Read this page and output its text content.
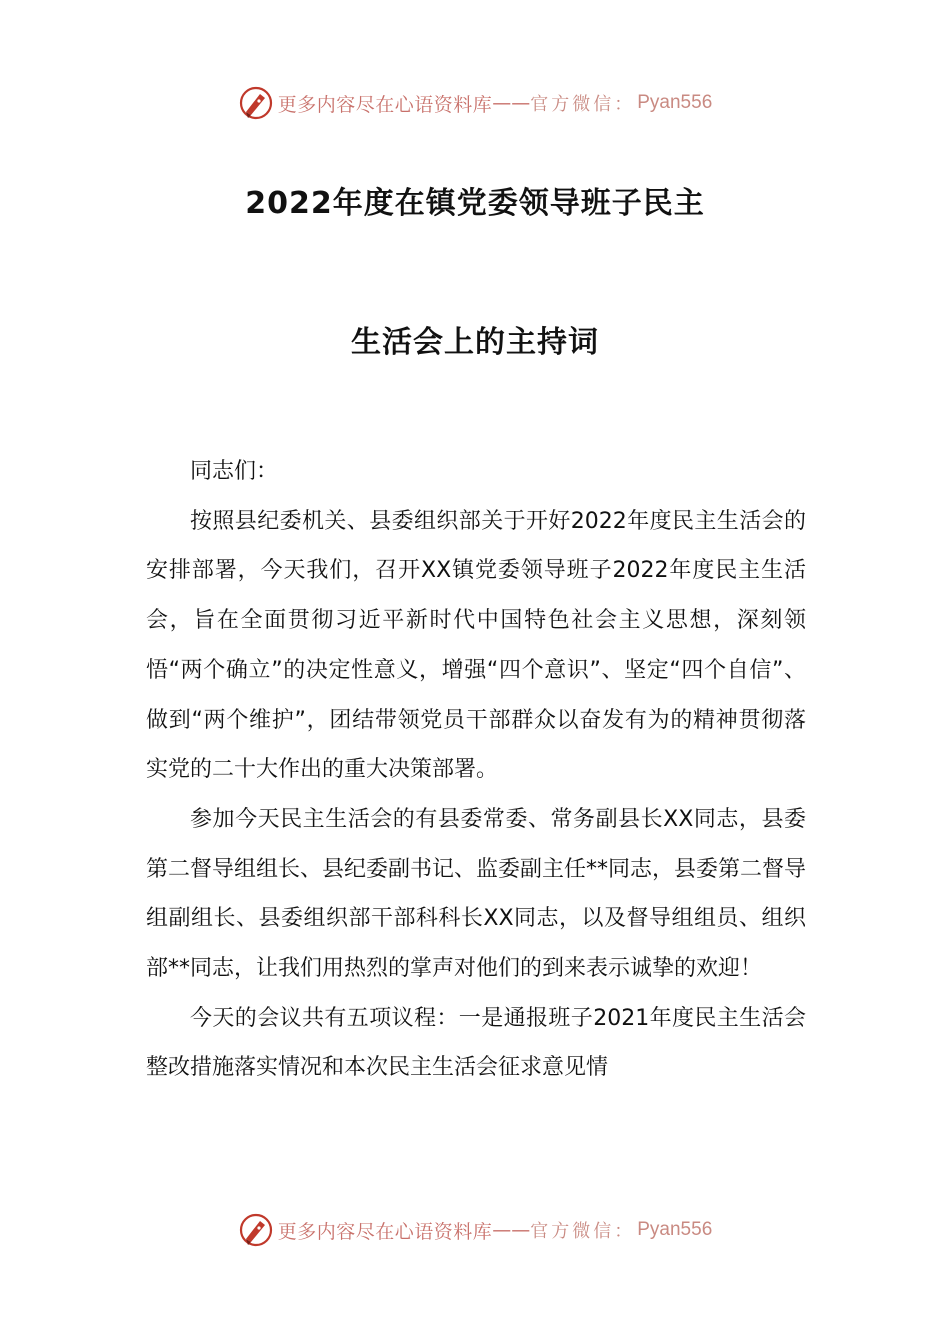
更多内容尽在心语资料库 —— 官方微信： Pyan556
2022年度在镇党委领导班子民主
生活会上的主持词

同志们：

按照县纪委机关、县委组织部关于开好2022年度民主生活会的安排部署，今天我们，召开XX镇党委领导班子2022年度民主生活会，旨在全面贯彻习近平新时代中国特色社会主义思想，深刻领悟“两个确立”的决定性意义，增强“四个意识”、坚定“四个自信”、做到“两个维护”，团结带领党员干部群众以奋发有为的精神贯彻落实党的二十大作出的重大决策部署。

参加今天民主生活会的有县委常委、常务副县长XX同志，县委第二督导组组长、县纪委副书记、监委副主任**同志，县委第二督导组副组长、县委组织部干部科科长XX同志，以及督导组组员、组织部**同志，让我们用热烈的掌声对他们的到来表示诚挚的欢迎！

今天的会议共有五项议程：一是通报班子2021年度民主生活会整改措施落实情况和本次民主生活会征求意见情

更多内容尽在心语资料库 —— 官方微信： Pyan556
